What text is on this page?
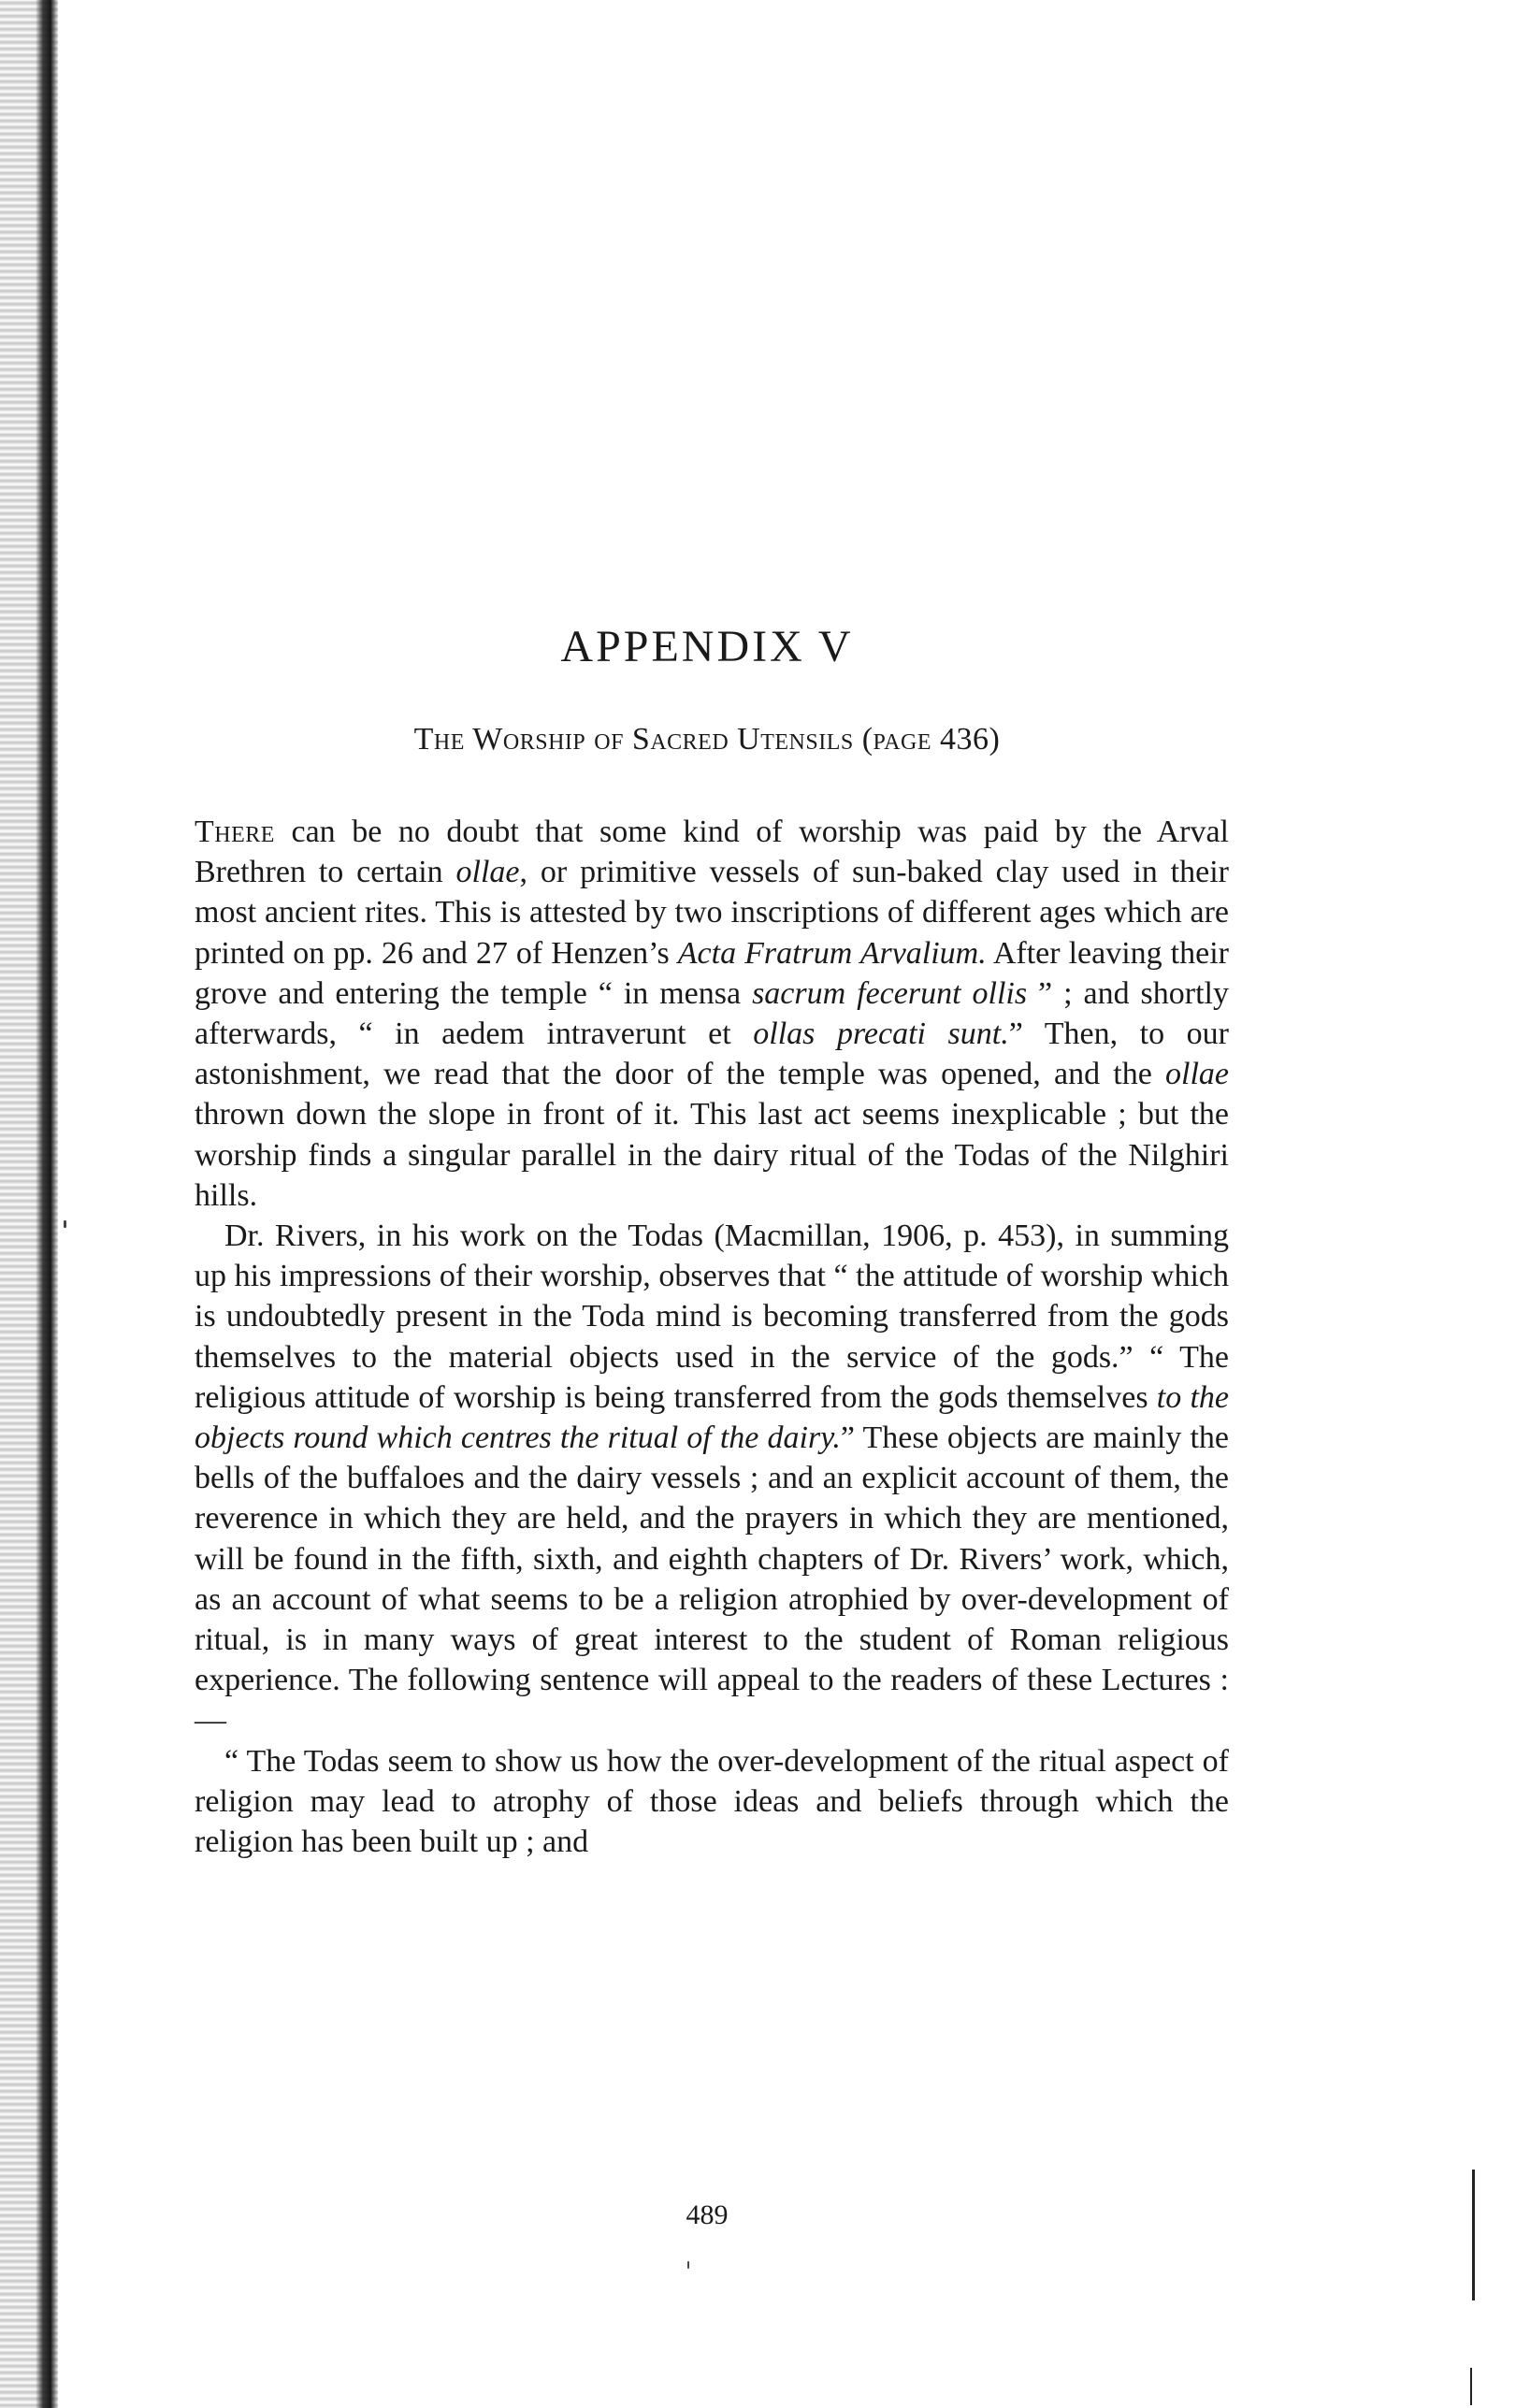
APPENDIX V
The Worship of Sacred Utensils (page 436)

There can be no doubt that some kind of worship was paid by the Arval Brethren to certain ollae, or primitive vessels of sun-baked clay used in their most ancient rites. This is attested by two inscriptions of different ages which are printed on pp. 26 and 27 of Henzen’s Acta Fratrum Arvalium. After leaving their grove and entering the temple “ in mensa sacrum fecerunt ollis ” ; and shortly afterwards, “ in aedem intraverunt et ollas precati sunt.” Then, to our astonishment, we read that the door of the temple was opened, and the ollae thrown down the slope in front of it. This last act seems inexplicable ; but the worship finds a singular parallel in the dairy ritual of the Todas of the Nilghiri hills.

Dr. Rivers, in his work on the Todas (Macmillan, 1906, p. 453), in summing up his impressions of their worship, observes that “ the attitude of worship which is undoubtedly present in the Toda mind is becoming transferred from the gods themselves to the material objects used in the service of the gods.” “ The religious attitude of worship is being transferred from the gods themselves to the objects round which centres the ritual of the dairy.” These objects are mainly the bells of the buffaloes and the dairy vessels ; and an explicit account of them, the reverence in which they are held, and the prayers in which they are mentioned, will be found in the fifth, sixth, and eighth chapters of Dr. Rivers’ work, which, as an account of what seems to be a religion atrophied by over-development of ritual, is in many ways of great interest to the student of Roman religious experience. The following sentence will appeal to the readers of these Lectures :—

“ The Todas seem to show us how the over-development of the ritual aspect of religion may lead to atrophy of those ideas and beliefs through which the religion has been built up ; and

489
